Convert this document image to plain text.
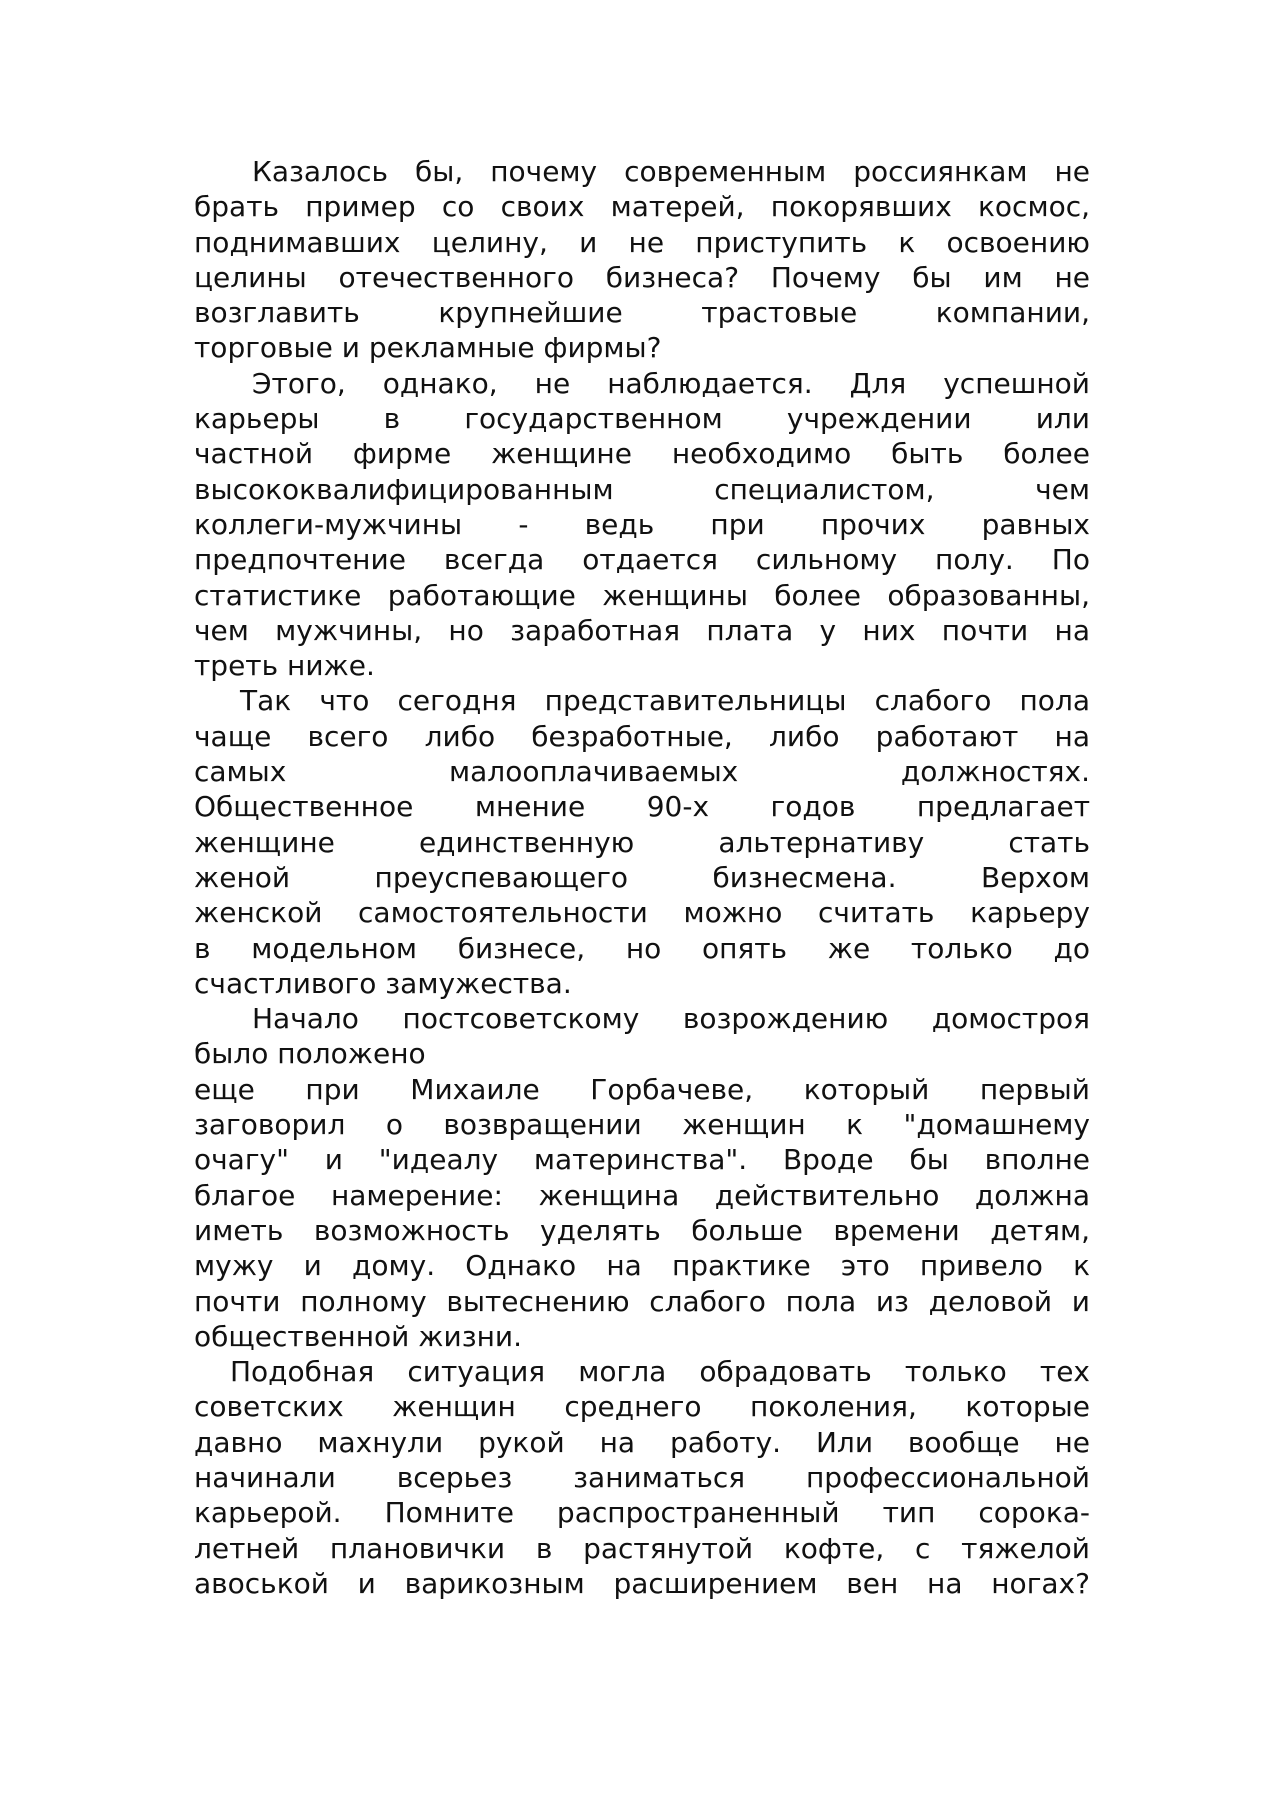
Казалось бы, почему современным россиянкам не
брать пример со своих матерей, покорявших космос,
поднимавших целину, и не приступить к освоению
целины отечественного бизнеса? Почему бы им не
возглавить крупнейшие трастовые компании,
торговые и рекламные фирмы?
Этого, однако, не наблюдается. Для успешной
карьеры в государственном учреждении или
частной фирме женщине необходимо быть более
высококвалифицированным специалистом, чем
коллеги-мужчины - ведь при прочих равных
предпочтение всегда отдается сильному полу. По
статистике работающие женщины более образованны,
чем мужчины, но заработная плата у них почти на
треть ниже.
Так что сегодня представительницы слабого пола
чаще всего либо безработные, либо работают на
самых малооплачиваемых должностях.
Общественное мнение 90-х годов предлагает
женщине единственную альтернативу стать
женой преуспевающего бизнесмена. Верхом
женской самостоятельности можно считать карьеру
в модельном бизнесе, но опять же только до
счастливого замужества.
Начало постсоветскому возрождению домостроя
было положено
еще при Михаиле Горбачеве, который первый
заговорил о возвращении женщин к "домашнему
очагу" и "идеалу материнства". Вроде бы вполне
благое намерение: женщина действительно должна
иметь возможность уделять больше времени детям,
мужу и дому. Однако на практике это привело к
почти полному вытеснению слабого пола из деловой и
общественной жизни.
Подобная ситуация могла обрадовать только тех
советских женщин среднего поколения, которые
давно махнули рукой на работу. Или вообще не
начинали всерьез заниматься профессиональной
карьерой. Помните распространенный тип сорока-
летней плановички в растянутой кофте, с тяжелой
авоськой и варикозным расширением вен на ногах?
